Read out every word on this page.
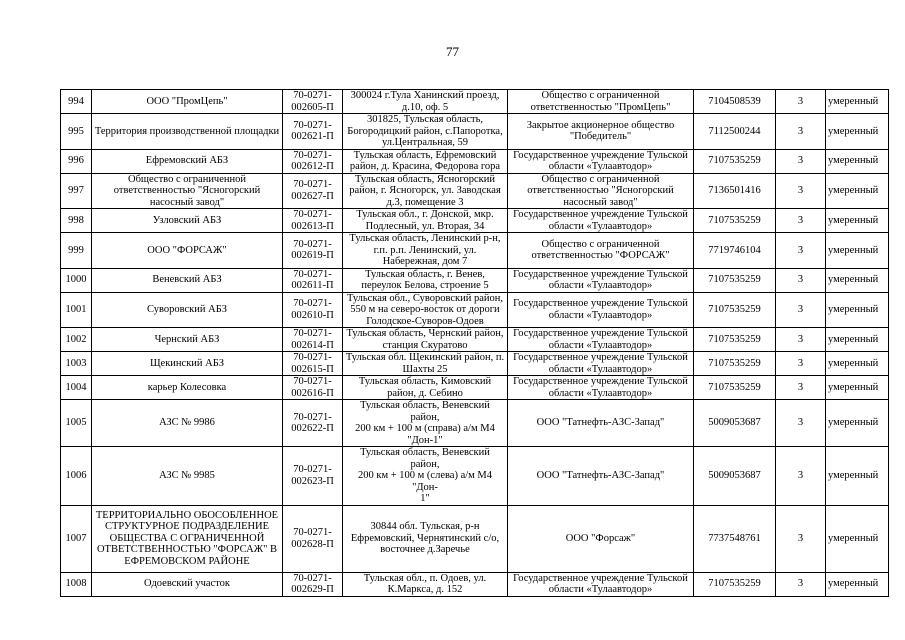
77
994	ООО "ПромЦепь"	70-0271-
002605-П	300024 г.Тула Ханинский проезд,
д.10, оф. 5	Общество с ограниченной
ответственностью "ПромЦепь"	7104508539	3	умеренный
995	Территория производственной площадки	70-0271-
002621-П	301825, Тульская область,
Богородицкий район, с.Папоротка,
ул.Центральная, 59	Закрытое акционерное общество
"Победитель"	7112500244	3	умеренный
996	Ефремовский АБЗ	70-0271-
002612-П	Тульская область, Ефремовский
район, д. Красина, Федорова гора	Государственное учреждение Тульской
области «Тулаавтодор»	7107535259	3	умеренный
997	Общество с ограниченной
ответственностью "Ясногорский
насосный завод"	70-0271-
002627-П	Тульская область, Ясногорский
район, г. Ясногорск, ул. Заводская
д.3, помещение 3	Общество с ограниченной
ответственностью "Ясногорский
насосный завод"	7136501416	3	умеренный
998	Узловский АБЗ	70-0271-
002613-П	Тульская обл., г. Донской, мкр.
Подлесный, ул. Вторая, 34	Государственное учреждение Тульской
области «Тулаавтодор»	7107535259	3	умеренный
999	ООО "ФОРСАЖ"	70-0271-
002619-П	Тульская область, Ленинский р-н,
г.п. р.п. Ленинский, ул.
Набережная, дом 7	Общество с ограниченной
ответственностью "ФОРСАЖ"	7719746104	3	умеренный
1000	Веневский АБЗ	70-0271-
002611-П	Тульская область, г. Венев,
переулок Белова, строение 5	Государственное учреждение Тульской
области «Тулаавтодор»	7107535259	3	умеренный
1001	Суворовский АБЗ	70-0271-
002610-П	Тульская обл., Суворовский район,
550 м на северо-восток от дороги
Голодское-Суворов-Одоев	Государственное учреждение Тульской
области «Тулаавтодор»	7107535259	3	умеренный
1002	Чернский АБЗ	70-0271-
002614-П	Тульская область, Чернский район,
станция Скуратово	Государственное учреждение Тульской
области «Тулаавтодор»	7107535259	3	умеренный
1003	Щекинский АБЗ	70-0271-
002615-П	Тульская обл. Щекинский район, п.
Шахты 25	Государственное учреждение Тульской
области «Тулаавтодор»	7107535259	3	умеренный
1004	карьер Колесовка	70-0271-
002616-П	Тульская область, Кимовский
район, д. Себино	Государственное учреждение Тульской
области «Тулаавтодор»	7107535259	3	умеренный
1005	АЗС № 9986	70-0271-
002622-П	Тульская область, Веневский район,
200 км + 100 м (справа) а/м М4
"Дон-1"	ООО "Татнефть-АЗС-Запад"	5009053687	3	умеренный
1006	АЗС № 9985	70-0271-
002623-П	Тульская область, Веневский район,
200 км + 100 м (слева) а/м М4 "Дон-
1"	ООО "Татнефть-АЗС-Запад"	5009053687	3	умеренный
1007	ТЕРРИТОРИАЛЬНО ОБОСОБЛЕННОЕ
СТРУКТУРНОЕ ПОДРАЗДЕЛЕНИЕ
ОБЩЕСТВА С ОГРАНИЧЕННОЙ
ОТВЕТСТВЕННОСТЬЮ "ФОРСАЖ" В
ЕФРЕМОВСКОМ РАЙОНЕ	70-0271-
002628-П	30844 обл. Тульская, р-н
Ефремовский, Чернятинский с/о,
восточнее д.Заречье	ООО "Форсаж"	7737548761	3	умеренный
1008	Одоевский участок	70-0271-
002629-П	Тульская обл., п. Одоев, ул.
К.Маркса, д. 152	Государственное учреждение Тульской
области «Тулаавтодор»	7107535259	3	умеренный
